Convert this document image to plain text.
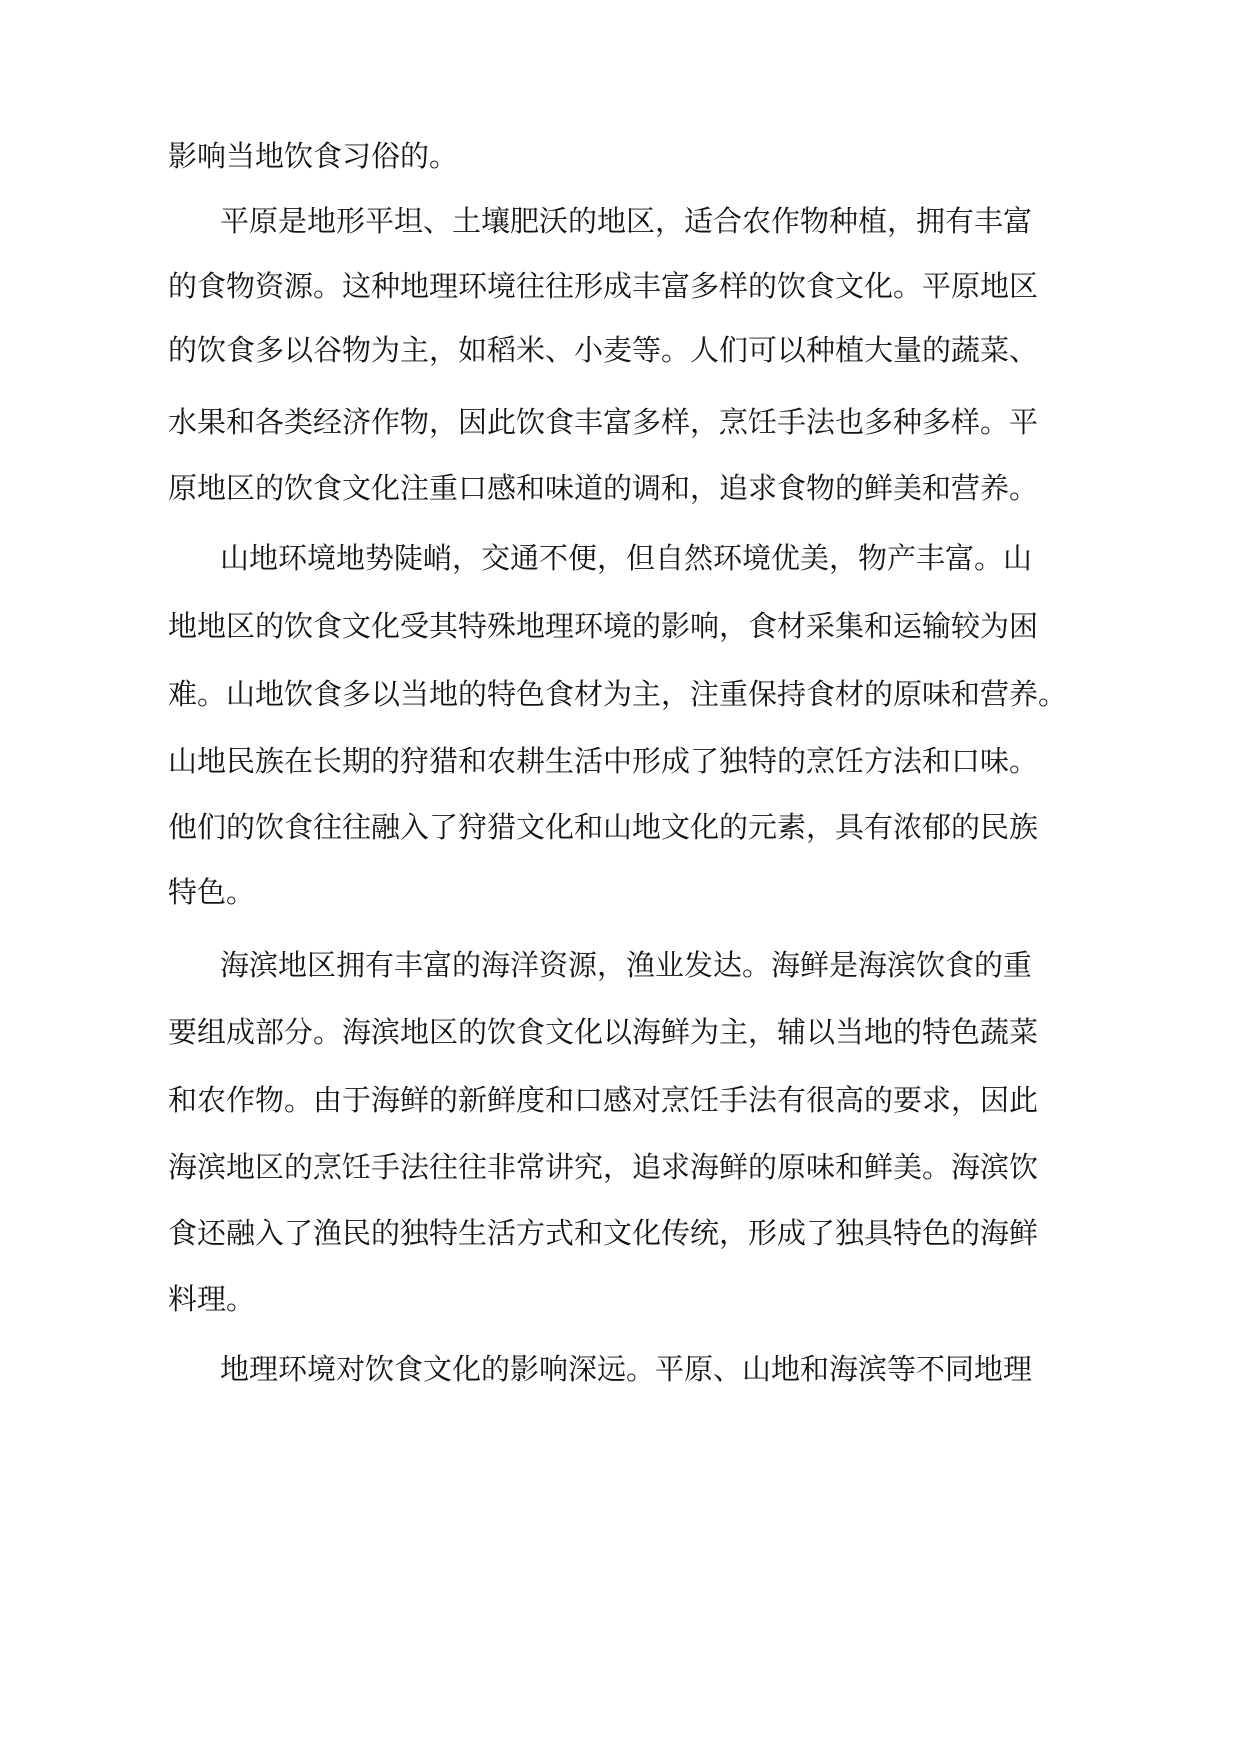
影响当地饮食习俗的。
平原是地形平坦、土壤肥沃的地区，适合农作物种植，拥有丰富
的食物资源。这种地理环境往往形成丰富多样的饮食文化。平原地区
的饮食多以谷物为主，如稻米、小麦等。人们可以种植大量的蔬菜、
水果和各类经济作物，因此饮食丰富多样，烹饪手法也多种多样。平
原地区的饮食文化注重口感和味道的调和，追求食物的鲜美和营养。
山地环境地势陡峭，交通不便，但自然环境优美，物产丰富。山
地地区的饮食文化受其特殊地理环境的影响，食材采集和运输较为困
难。山地饮食多以当地的特色食材为主，注重保持食材的原味和营养。
山地民族在长期的狩猎和农耕生活中形成了独特的烹饪方法和口味。
他们的饮食往往融入了狩猎文化和山地文化的元素，具有浓郁的民族
特色。
海滨地区拥有丰富的海洋资源，渔业发达。海鲜是海滨饮食的重
要组成部分。海滨地区的饮食文化以海鲜为主，辅以当地的特色蔬菜
和农作物。由于海鲜的新鲜度和口感对烹饪手法有很高的要求，因此
海滨地区的烹饪手法往往非常讲究，追求海鲜的原味和鲜美。海滨饮
食还融入了渔民的独特生活方式和文化传统，形成了独具特色的海鲜
料理。
地理环境对饮食文化的影响深远。平原、山地和海滨等不同地理
